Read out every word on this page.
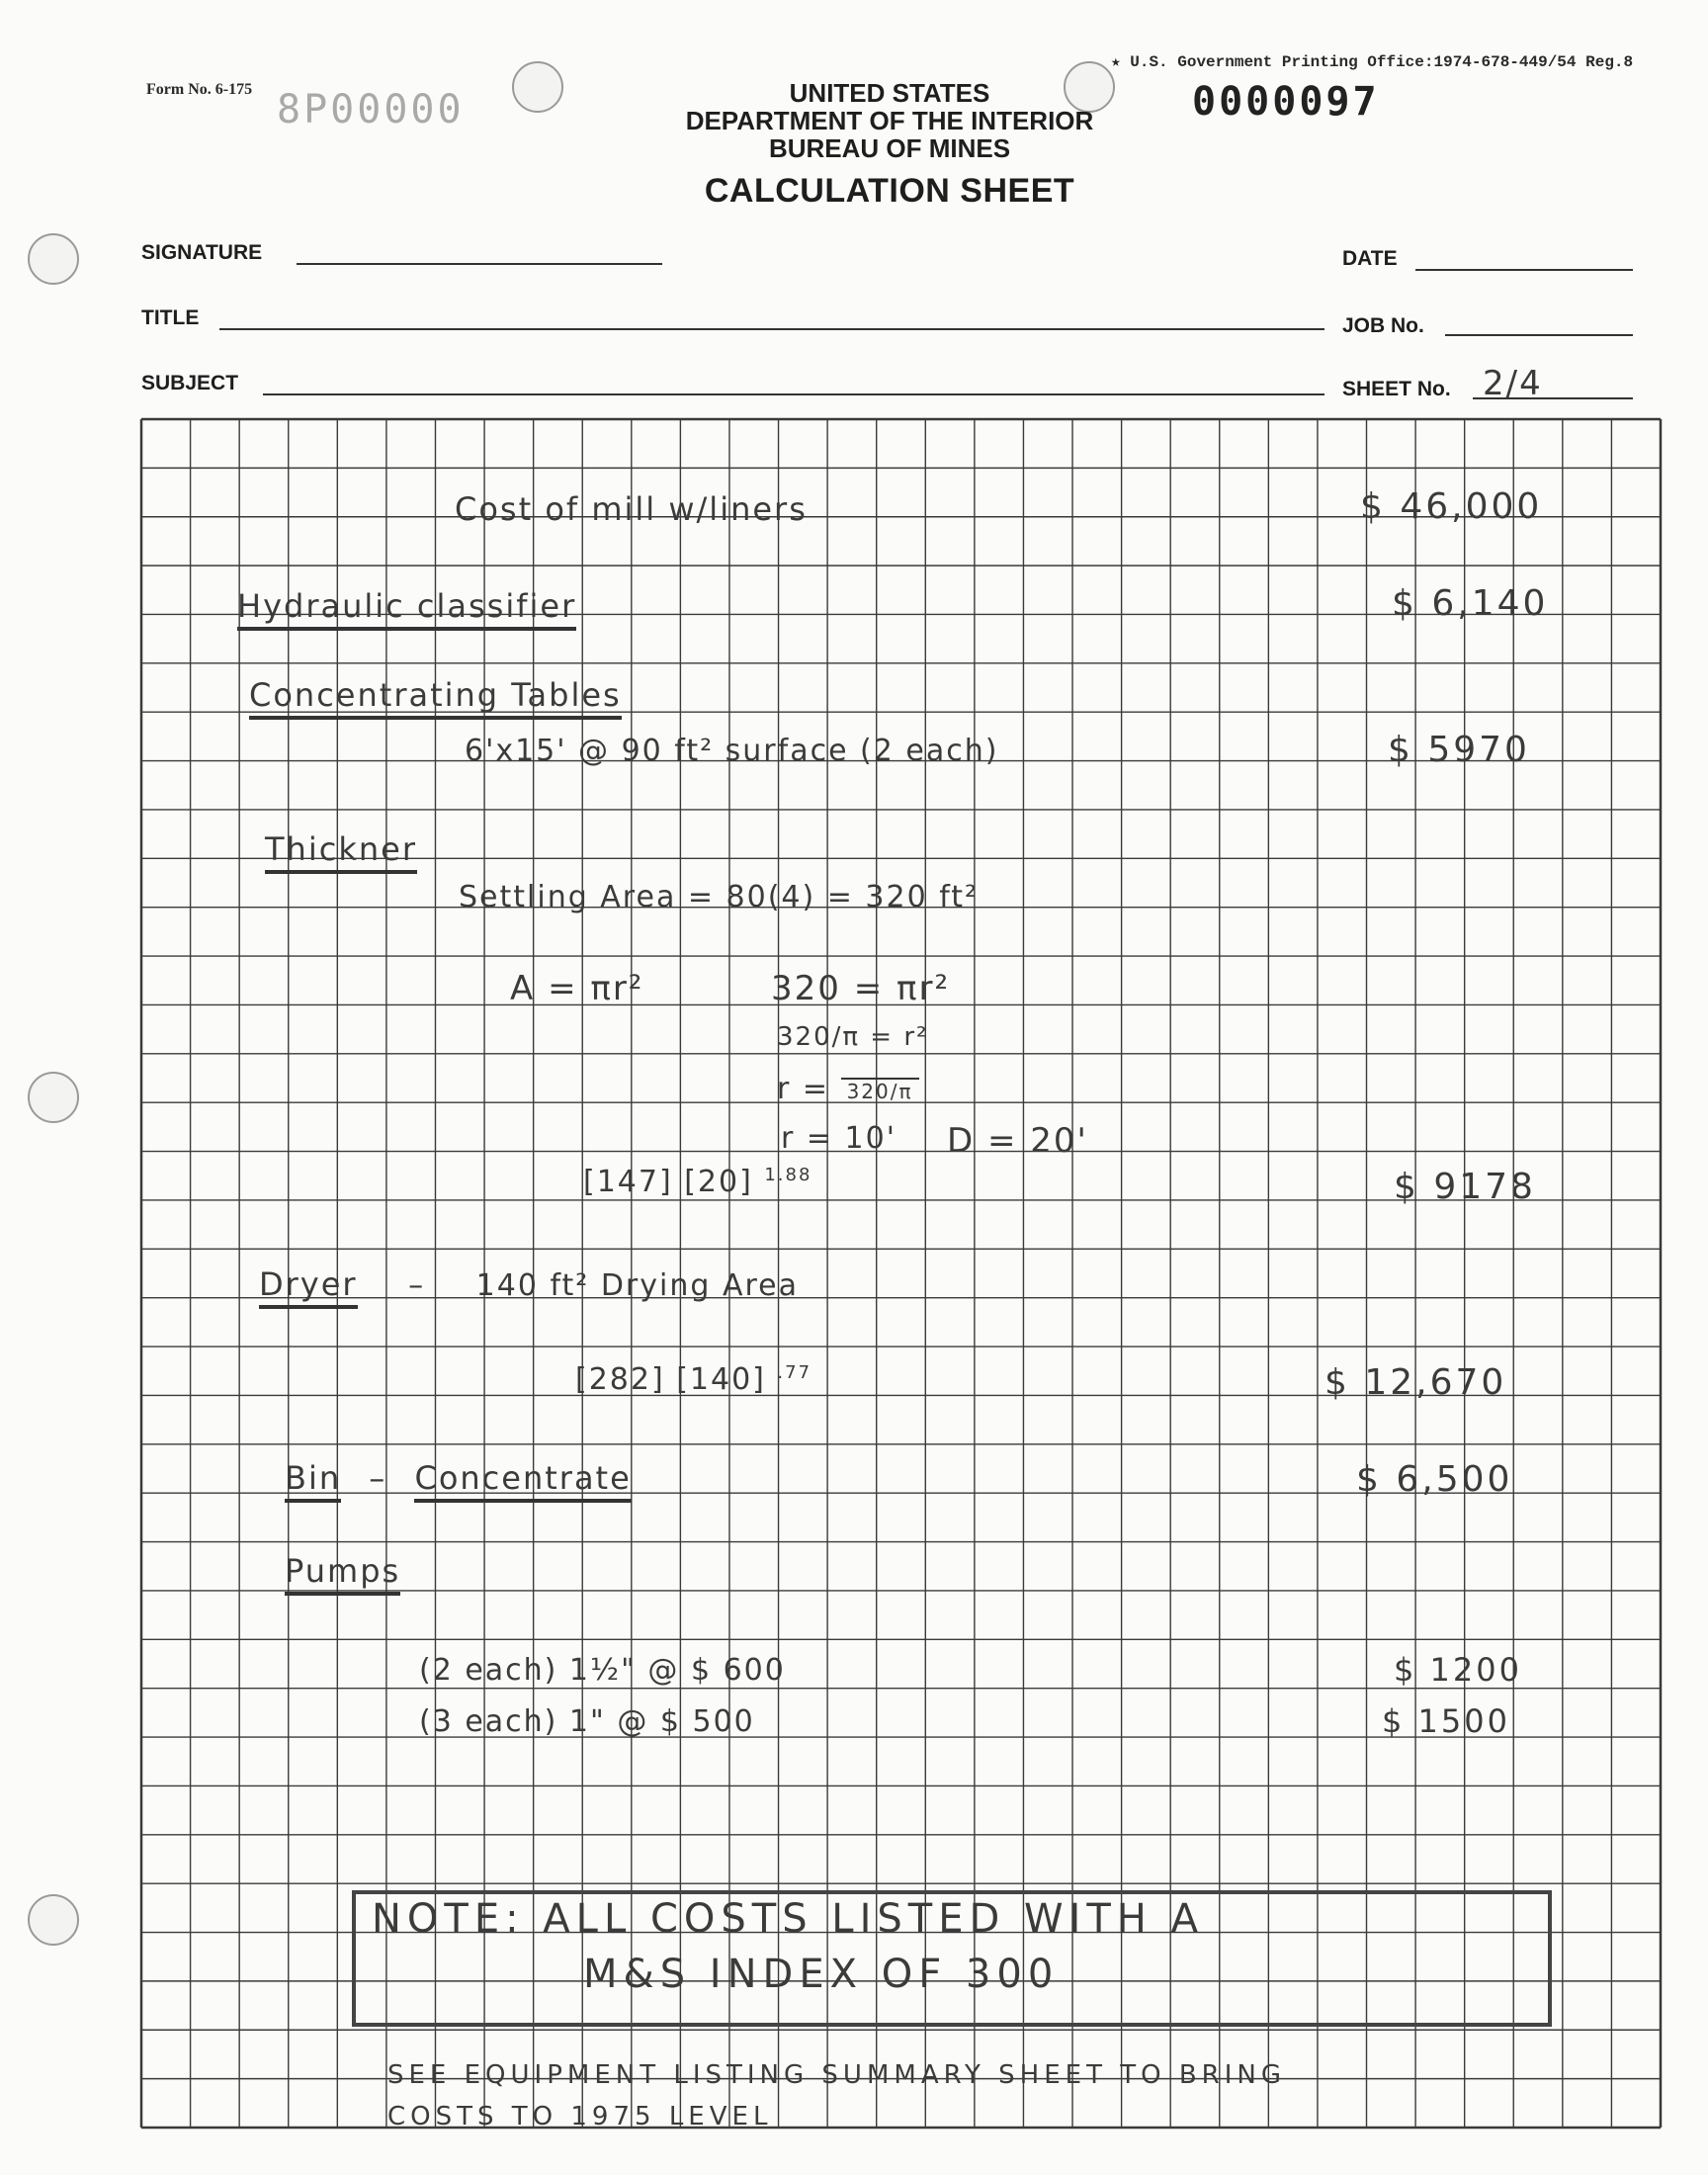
Form No. 6-175 8P00000
★ U.S. Government Printing Office:1974-678-449/54 Reg.8
0000097
UNITED STATES
DEPARTMENT OF THE INTERIOR
BUREAU OF MINES
CALCULATION SHEET
SIGNATURE	DATE
TITLE	JOB No.
SUBJECT	SHEET No. 2/4
Cost of mill w/liners	$ 46,000
Hydraulic classifier	$ 6,140
Concentrating Tables
6'x15' @ 90 ft² surface (2 each)	$ 5970
Thickner
Settling Area = 80(4) = 320 ft²
A = πr²	320 = πr²
320/π = r²
r = 320/π
r = 10' D = 20'
[147] [20] $^{1.88}$	$ 9178
Dryer – 140 ft² Drying Area
[282] [140] $^{.77}$	$ 12,670
Bin – Concentrate	$ 6,500
Pumps
(2 each) 1½" @ $ 600	$ 1200
(3 each) 1" @ $ 500	$ 1500
NOTE: ALL COSTS LISTED WITH A
M&S INDEX OF 300
SEE EQUIPMENT LISTING SUMMARY SHEET TO BRING
COSTS TO 1975 LEVEL
